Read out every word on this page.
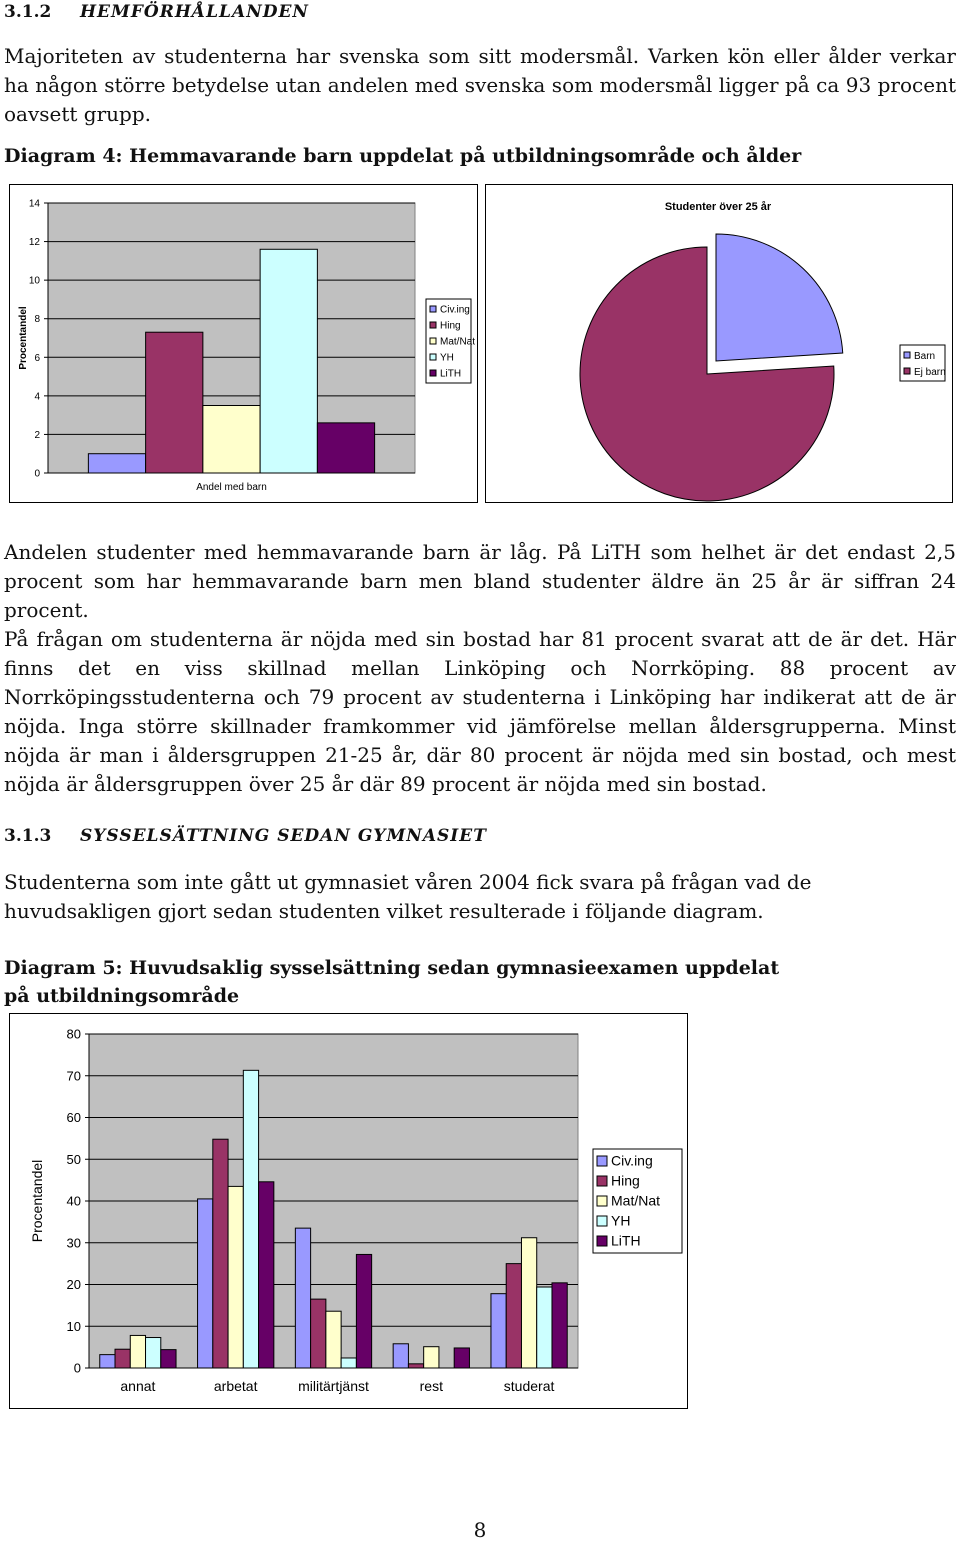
3.1.2 HEMFÖRHÅLLANDEN

Majoriteten av studenterna har svenska som sitt modersmål. Varken kön eller ålder verkar ha någon större betydelse utan andelen med svenska som modersmål ligger på ca 93 procent oavsett grupp.

Diagram 4: Hemmavarande barn uppdelat på utbildningsområde och ålder
0
2
4
6
8
10
12
14
Procentandel
Andel med barn
Civ.ing
Hing
Mat/Nat
YH
LiTH
Studenter över 25 år
Barn
Ej barn

Andelen studenter med hemmavarande barn är låg. På LiTH som helhet är det endast 2,5 procent som har hemmavarande barn men bland studenter äldre än 25 år är siffran 24 procent.

På frågan om studenterna är nöjda med sin bostad har 81 procent svarat att de är det. Här finns det en viss skillnad mellan Linköping och Norrköping. 88 procent av Norrköpingsstudenterna och 79 procent av studenterna i Linköping har indikerat att de är nöjda. Inga större skillnader framkommer vid jämförelse mellan åldersgrupperna. Minst nöjda är man i åldersgruppen 21-25 år, där 80 procent är nöjda med sin bostad, och mest nöjda är åldersgruppen över 25 år där 89 procent är nöjda med sin bostad.

3.1.3 SYSSELSÄTTNING SEDAN GYMNASIET

Studenterna som inte gått ut gymnasiet våren 2004 fick svara på frågan vad de huvudsakligen gjort sedan studenten vilket resulterade i följande diagram.

Diagram 5: Huvudsaklig sysselsättning sedan gymnasieexamen uppdelat på utbildningsområde
0
10
20
30
40
50
60
70
80
Procentandel
annat	arbetat	militärtjänst	rest	studerat
Civ.ing
Hing
Mat/Nat
YH
LiTH
8
